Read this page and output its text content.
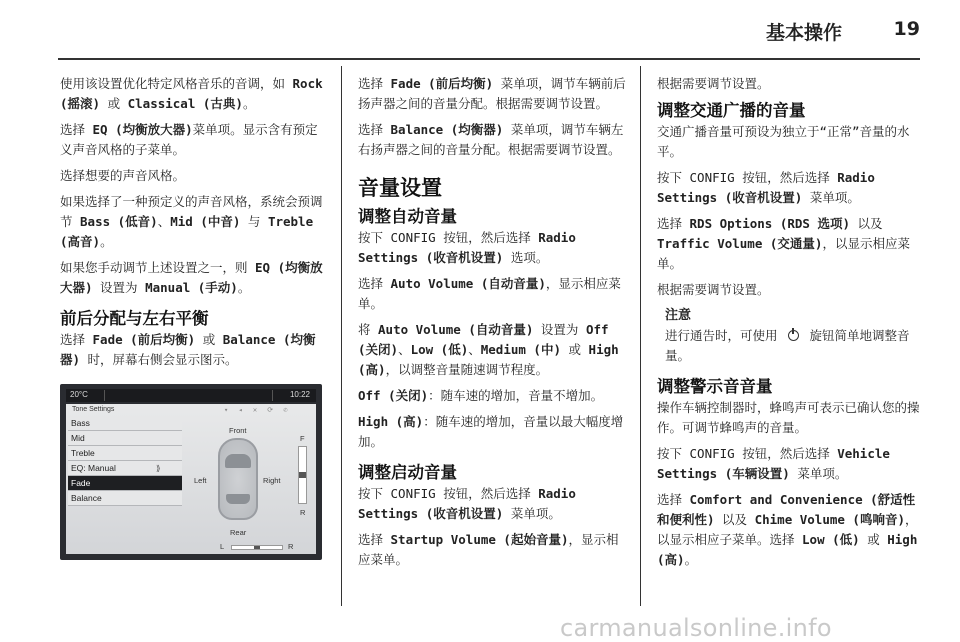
基本操作	19

使用该设置优化特定风格音乐的音调，如 Rock (摇滚) 或 Classical (古典)。

选择 EQ (均衡放大器)菜单项。显示含有预定义声音风格的子菜单。

选择想要的声音风格。

如果选择了一种预定义的声音风格，系统会预调节 Bass (低音)、Mid (中音) 与 Treble (高音)。

如果您手动调节上述设置之一，则 EQ (均衡放大器) 设置为 Manual (手动)。

前后分配与左右平衡

选择 Fade (前后均衡) 或 Balance (均衡器) 时，屏幕右侧会显示图示。

20°C	10:22
Tone Settings	▾ ◂ ✕ ⟳ ✆
Bass
Mid
Treble
EQ: Manual	⟫
Fade
Balance
Front
Left	Right
Rear
F
R
L	R

选择 Fade (前后均衡) 菜单项，调节车辆前后扬声器之间的音量分配。根据需要调节设置。

选择 Balance (均衡器) 菜单项，调节车辆左右扬声器之间的音量分配。根据需要调节设置。

音量设置
调整自动音量

按下 CONFIG 按钮，然后选择 Radio Settings (收音机设置) 选项。

选择 Auto Volume (自动音量)，显示相应菜单。

将 Auto Volume (自动音量) 设置为 Off (关闭)、Low (低)、Medium (中) 或 High (高)，以调整音量随速调节程度。

Off (关闭)：随车速的增加，音量不增加。

High (高)：随车速的增加，音量以最大幅度增加。

调整启动音量

按下 CONFIG 按钮，然后选择 Radio Settings (收音机设置) 菜单项。

选择 Startup Volume (起始音量)，显示相应菜单。

根据需要调节设置。

调整交通广播的音量

交通广播音量可预设为独立于“正常”音量的水平。

按下 CONFIG 按钮，然后选择 Radio Settings (收音机设置) 菜单项。

选择 RDS Options (RDS 选项) 以及 Traffic Volume (交通量)，以显示相应菜单。

根据需要调节设置。

注意
进行通告时，可使用  旋钮简单地调整音量。
调整警示音音量

操作车辆控制器时，蜂鸣声可表示已确认您的操作。可调节蜂鸣声的音量。

按下 CONFIG 按钮，然后选择 Vehicle Settings (车辆设置) 菜单项。

选择 Comfort and Convenience (舒适性和便利性) 以及 Chime Volume (鸣响音)，以显示相应子菜单。选择 Low (低) 或 High (高)。

carmanualsonline.info
